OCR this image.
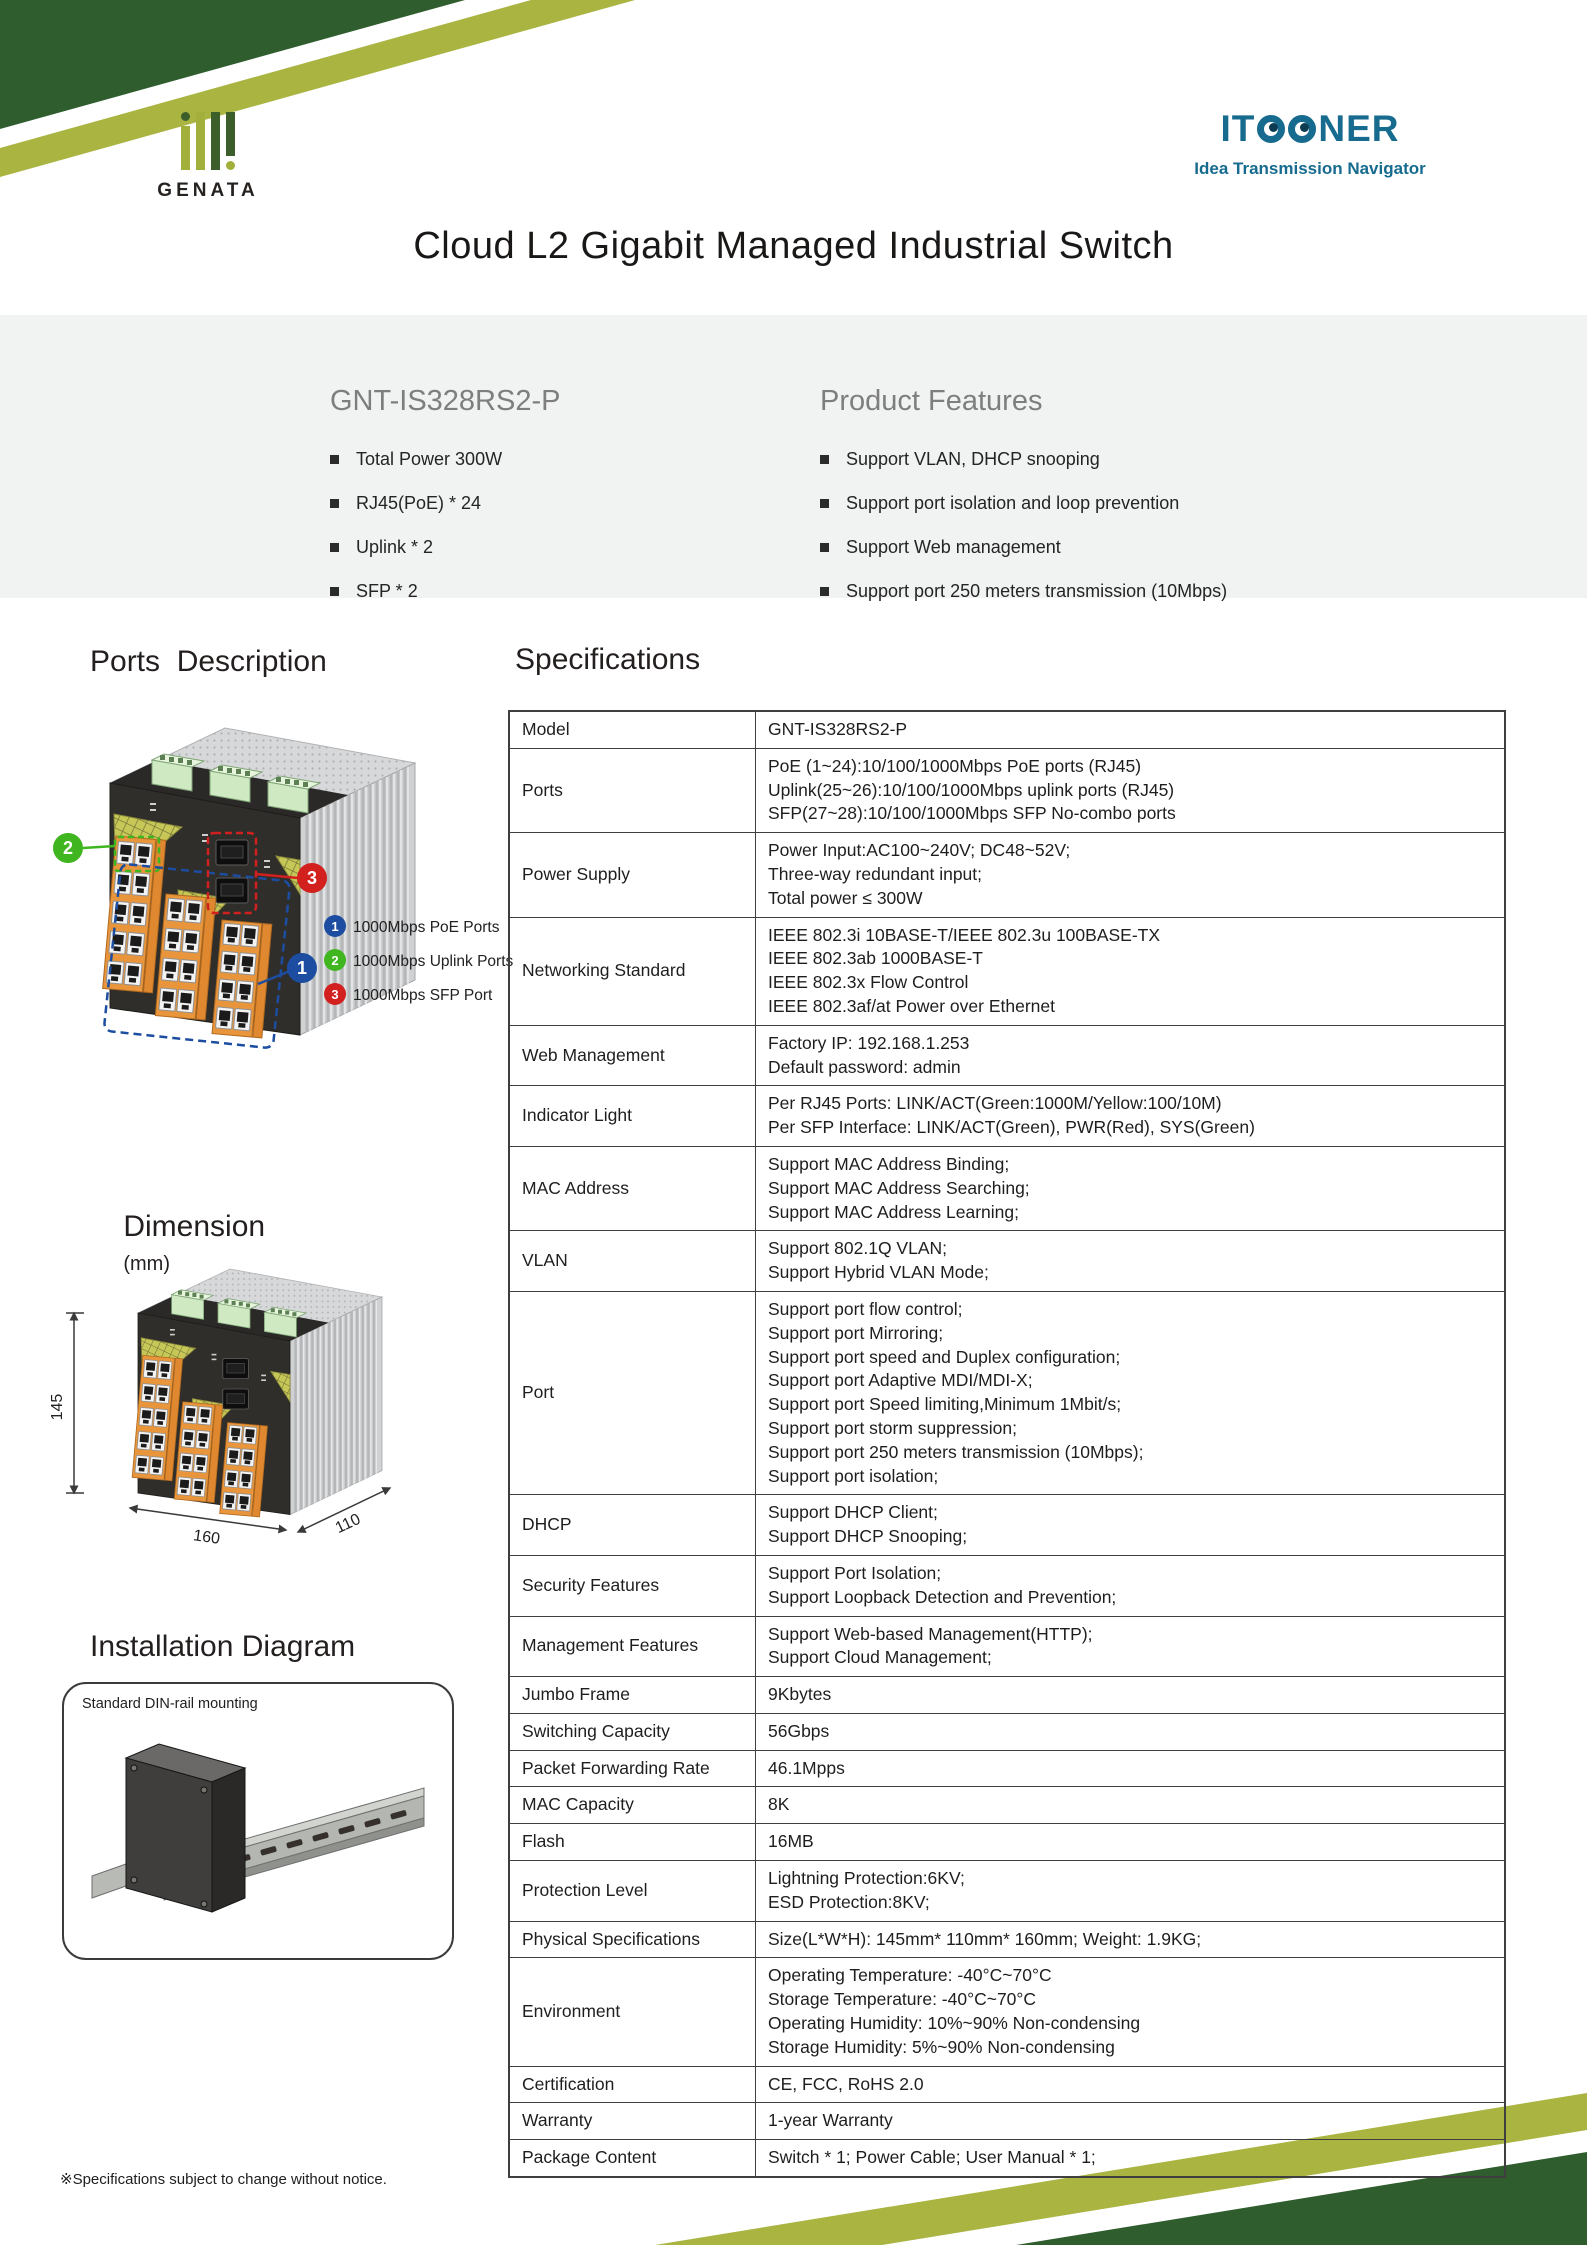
GENATA
IT NER
Idea Transmission Navigator
Cloud L2 Gigabit Managed Industrial Switch
GNT-IS328RS2-P	Product Features
Total Power 300W
RJ45(PoE) * 24
Uplink * 2
SFP * 2
Support VLAN, DHCP snooping
Support port isolation and loop prevention
Support Web management
Support port 250 meters transmission (10Mbps)
Ports  Description	Specifications

Dimension
(mm)

Installation Diagram
2
3
1
1 1000Mbps PoE Ports
2 1000Mbps Uplink Ports
3 1000Mbps SFP Port
Model	GNT-IS328RS2-P

Ports	PoE (1~24):10/100/1000Mbps PoE ports (RJ45)
Uplink(25~26):10/100/1000Mbps uplink ports (RJ45)
SFP(27~28):10/100/1000Mbps SFP No-combo ports

Power Supply	Power Input:AC100~240V; DC48~52V;
Three-way redundant input;
Total power ≤ 300W

Networking Standard	IEEE 802.3i 10BASE-T/IEEE 802.3u 100BASE-TX
IEEE 802.3ab 1000BASE-T
IEEE 802.3x Flow Control
IEEE 802.3af/at Power over Ethernet

Web Management	Factory IP: 192.168.1.253
Default password: admin

Indicator Light	Per RJ45 Ports: LINK/ACT(Green:1000M/Yellow:100/10M)
Per SFP Interface: LINK/ACT(Green), PWR(Red), SYS(Green)

MAC Address	Support MAC Address Binding;
Support MAC Address Searching;
Support MAC Address Learning;

VLAN	Support 802.1Q VLAN;
Support Hybrid VLAN Mode;

Port	
Support port flow control;
Support port Mirroring;
Support port speed and Duplex configuration;
Support port Adaptive MDI/MDI-X;
Support port Speed limiting,Minimum 1Mbit/s;
Support port storm suppression;
Support port 250 meters transmission (10Mbps);
Support port isolation;

DHCP	Support DHCP Client;
Support DHCP Snooping;

Security Features	Support Port Isolation;
Support Loopback Detection and Prevention;

Management Features	Support Web-based Management(HTTP);
Support Cloud Management;

Jumbo Frame	9Kbytes

Switching Capacity	56Gbps

Packet Forwarding Rate	46.1Mpps

MAC Capacity	8K

Flash	16MB

Protection Level	Lightning Protection:6KV;
ESD Protection:8KV;

Physical Specifications	Size(L*W*H): 145mm* 110mm* 160mm; Weight: 1.9KG;

Environment	Operating Temperature: -40°C~70°C
Storage Temperature: -40°C~70°C
Operating Humidity: 10%~90% Non-condensing
Storage Humidity: 5%~90% Non-condensing

Certification	CE, FCC, RoHS 2.0

Warranty	1-year Warranty

Package Content	Switch * 1; Power Cable; User Manual * 1;
145
160
110
Standard DIN-rail mounting
※Specifications subject to change without notice.
